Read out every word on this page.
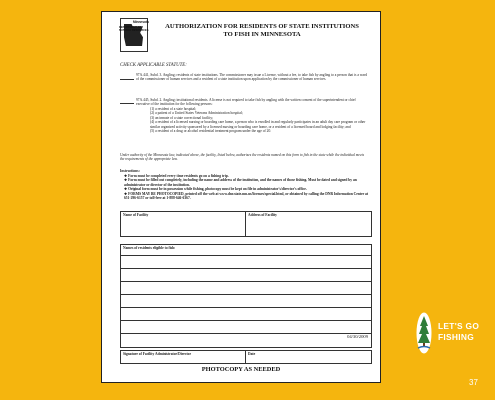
Minnesota
AUTHORIZATION FOR RESIDENTS OF STATE INSTITUTIONS
TO FISH IN MINNESOTA
CHECK APPLICABLE STATUTE:
97A.441, Subd. 3. Angling; residents of state institutions. The commissioner may issue a License, without a fee, to take fish by angling to a person that is a ward of the commissioner of human services and a resident of a state institution upon application by the commissioner of human services.
97A.445, Subd. 2. Angling; institutional residents. A license is not required to take fish by angling with the written consent of the superintendent or chief executive of the institution for the following persons:
(1) a resident of a state hospital;
(2) a patient of a United States Veterans Administration hospital;
(3) an inmate of a state correctional facility;
(4) a resident of a licensed nursing or boarding care home, a person who is enrolled in and regularly participates in an adult day care program or other similar organized activity sponsored by a licensed nursing or boarding care home, or a resident of a licensed board and lodging facility; and
(5) a resident of a drug or alcohol residential treatment program under the age of 20.
Under authority of the Minnesota law, indicated above, the facility, listed below, authorizes the residents named on this form to fish in the state while the individual meets the requirements of the appropriate law.
Instructions:
❖ Form must be completed every time residents go on a fishing trip.
❖ Form must be filled out completely, including the name and address of the institution, and the names of those fishing. Must be dated and signed by an administrator or director of the institution.
❖ Original form must be in possession while fishing, photocopy must be kept on file in administrator's/director's office.
❖ FORMS MAY BE PHOTOCOPIED, printed off the web at www.dnr.state.mn.us/licenses/special.html, or obtained by calling the DNR Information Center at 651-296-6157 or toll-free at 1-888-646-6367.
Name of Facility	Address of Facility
Names of residents eligible to fish:
Signature of Facility Administrator/Director	Date
04/30/2009
PHOTOCOPY AS NEEDED
DEPARTMENT OF
NATURAL RESOURCES
LET'S GO
FISHING
37
